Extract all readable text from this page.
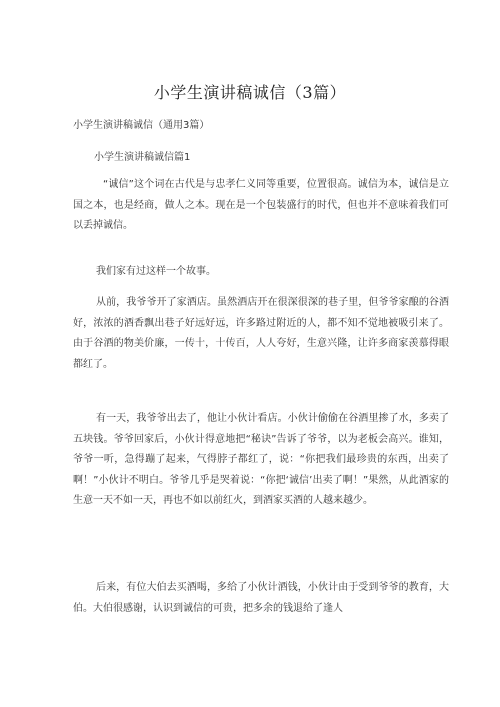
小学生演讲稿诚信（3篇）
小学生演讲稿诚信（通用3篇）
小学生演讲稿诚信篇1

“诚信”这个词在古代是与忠孝仁义同等重要，位置很高。诚信为本，诚信是立国之本，也是经商，做人之本。现在是一个包装盛行的时代，但也并不意味着我们可以丢掉诚信。

我们家有过这样一个故事。

从前，我爷爷开了家酒店。虽然酒店开在很深很深的巷子里，但爷爷家酿的谷酒好，浓浓的酒香飘出巷子好远好远，许多路过附近的人，都不知不觉地被吸引来了。由于谷酒的物美价廉，一传十，十传百，人人夸好，生意兴隆，让许多商家羡慕得眼都红了。

有一天，我爷爷出去了，他让小伙计看店。小伙计偷偷在谷酒里掺了水，多卖了五块钱。爷爷回家后，小伙计得意地把“秘诀”告诉了爷爷，以为老板会高兴。谁知，爷爷一听，急得蹦了起来，气得脖子都红了，说：“你把我们最珍贵的东西，出卖了啊！”小伙计不明白。爷爷几乎是哭着说：“你把‘诚信’出卖了啊！”果然，从此酒家的生意一天不如一天，再也不如以前红火，到酒家买酒的人越来越少。

后来，有位大伯去买酒喝，多给了小伙计酒钱，小伙计由于受到爷爷的教育，大伯。大伯很感谢，认识到诚信的可贵，把多余的钱退给了逢人
